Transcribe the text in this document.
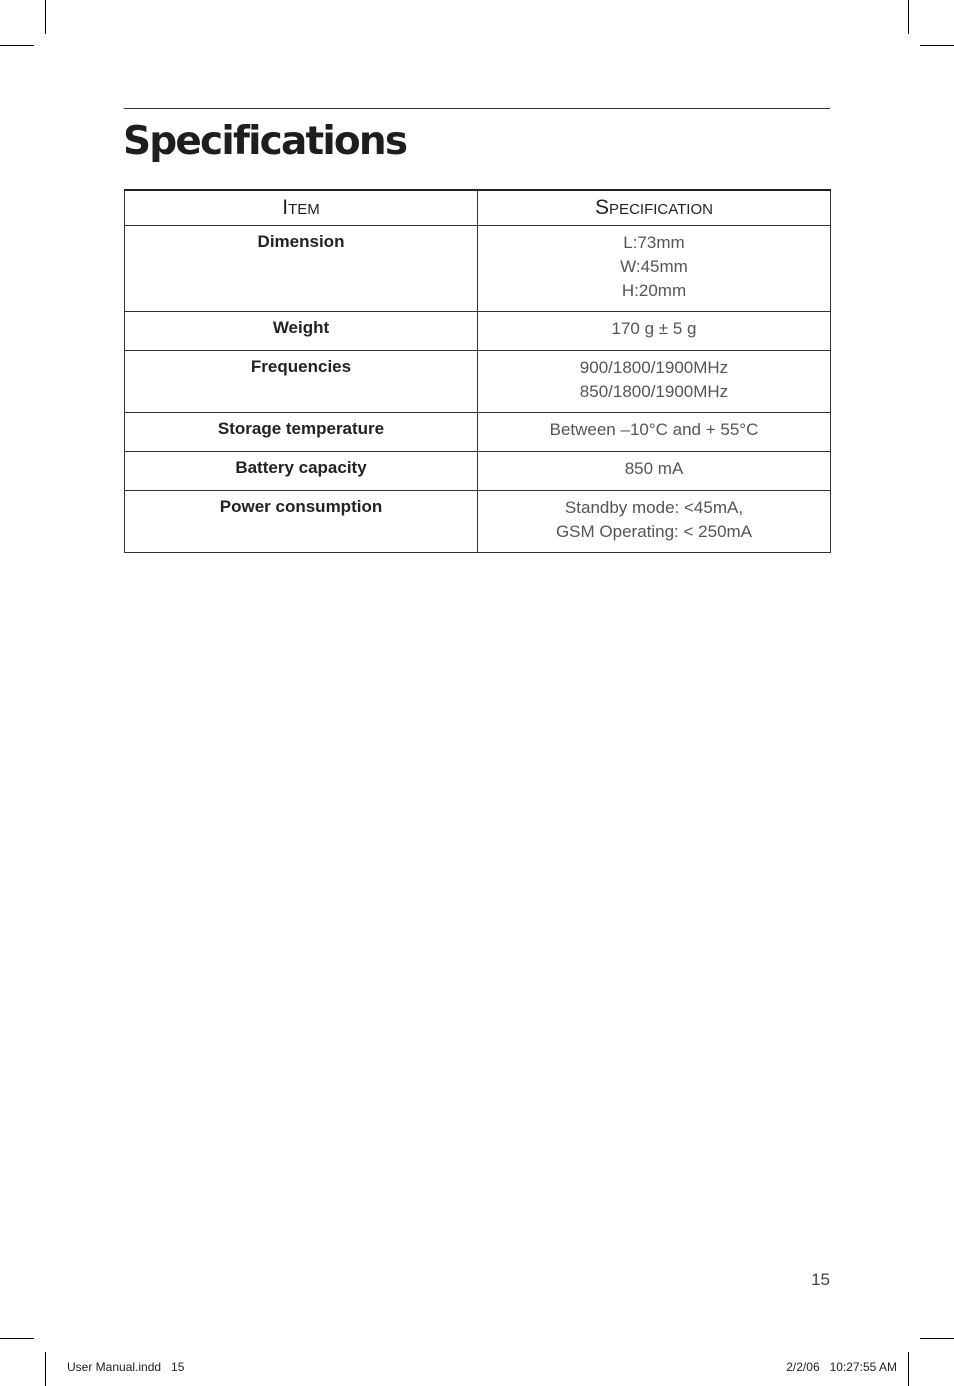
Specifications
Item	Specification

Dimension	L:73mm
W:45mm
H:20mm

Weight	170 g ± 5 g

Frequencies	900/1800/1900MHz
850/1800/1900MHz

Storage temperature	Between –10°C and + 55°C

Battery capacity	850 mA

Power consumption	Standby mode: <45mA,
GSM Operating: < 250mA
15
User Manual.indd   15	2/2/06   10:27:55 AM
